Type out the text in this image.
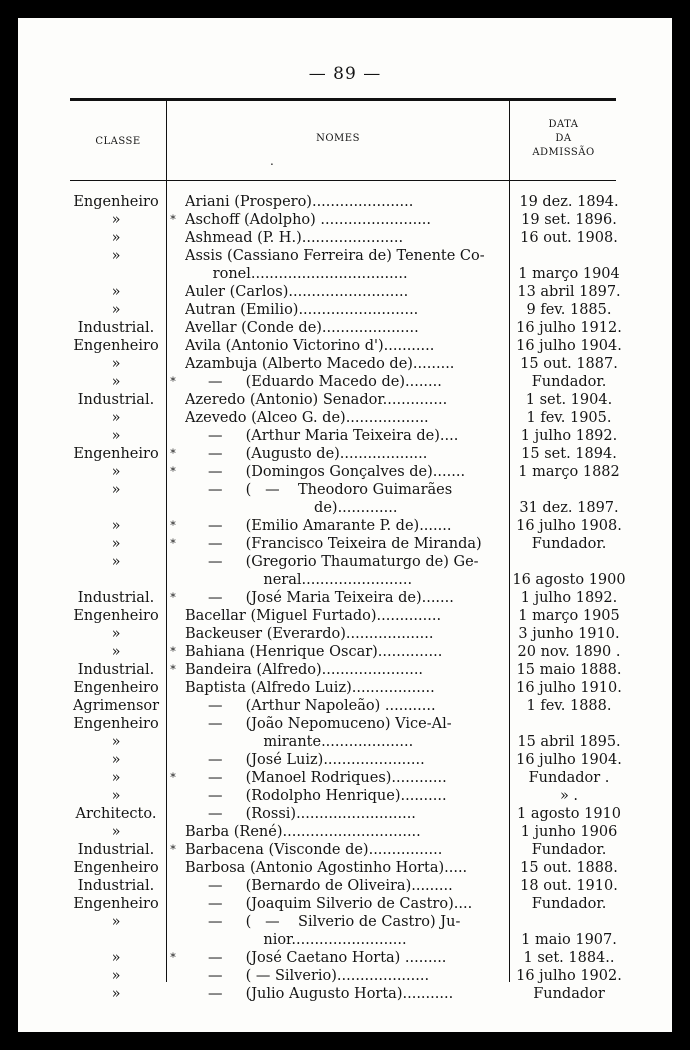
— 89 —
CLASSE	NOMES
.
DATA
DA
ADMISSÃO
Engenheiro	Ariani (Prospero)......................	19 dez. 1894.
»	* Aschoff (Adolpho) ........................	19 set. 1896.
»	Ashmead (P. H.)......................	16 out. 1908.
»	Assis (Cassiano Ferreira de) Tenente Co-
ronel..................................	1 março 1904
»	Auler (Carlos)..........................	13 abril 1897.
»	Autran (Emilio)..........................	9 fev. 1885.
Industrial.	Avellar (Conde de).....................	16 julho 1912.
Engenheiro	Avila (Antonio Victorino d')...........	16 julho 1904.
»	Azambuja (Alberto Macedo de).........	15 out. 1887.
»	* —     (Eduardo Macedo de)........	Fundador.
Industrial.	Azeredo (Antonio) Senador..............	1 set. 1904.
»	Azevedo (Alceo G. de)..................	1 fev. 1905.
»	—     (Arthur Maria Teixeira de)....	1 julho 1892.
Engenheiro	* —     (Augusto de)...................	15 set. 1894.
»	* —     (Domingos Gonçalves de).......	1 março 1882
»	—     (   —    Theodoro Guimarães
de).............	31 dez. 1897.
»	* —     (Emilio Amarante P. de).......	16 julho 1908.
»	* —     (Francisco Teixeira de Miranda)	Fundador.
»	—     (Gregorio Thaumaturgo de) Ge-
neral........................	16 agosto 1900
Industrial.	* —     (José Maria Teixeira de).......	1 julho 1892.
Engenheiro	Bacellar (Miguel Furtado)..............	1 março 1905
»	Backeuser (Everardo)...................	3 junho 1910.
»	* Bahiana (Henrique Oscar)..............	20 nov. 1890 .
Industrial.	* Bandeira (Alfredo)......................	15 maio 1888.
Engenheiro	Baptista (Alfredo Luiz)..................	16 julho 1910.
Agrimensor	—     (Arthur Napoleão) ...........	1 fev. 1888.
Engenheiro	—     (João Nepomuceno) Vice-Al-
»	mirante....................	15 abril 1895.
»	—     (José Luiz)......................	16 julho 1904.
»	* —     (Manoel Rodriques)............	Fundador .
»	—     (Rodolpho Henrique)..........	» .
Architecto.	—     (Rossi)..........................	1 agosto 1910
»	Barba (René)..............................	1 junho 1906
Industrial.	* Barbacena (Visconde de)................	Fundador.
Engenheiro	Barbosa (Antonio Agostinho Horta).....	15 out. 1888.
Industrial.	—     (Bernardo de Oliveira).........	18 out. 1910.
Engenheiro	—     (Joaquim Silverio de Castro)....	Fundador.
»	—     (   —    Silverio de Castro) Ju-
nior.........................	1 maio 1907.
»	* —     (José Caetano Horta) .........	1 set. 1884..
»	—     ( — Silverio)....................	16 julho 1902.
»	—     (Julio Augusto Horta)...........	Fundador
